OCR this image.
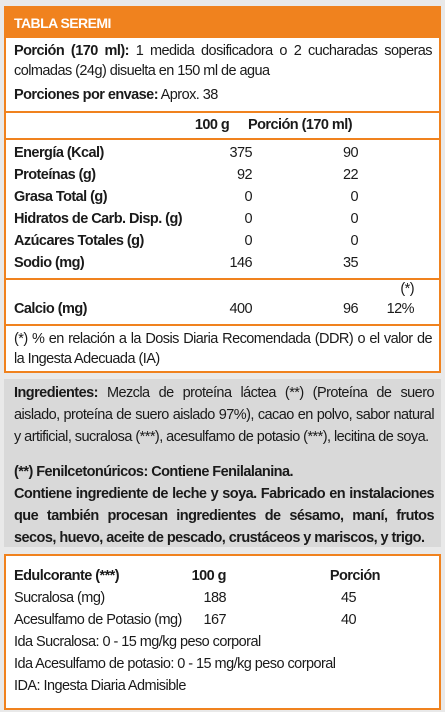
TABLA SEREMI
Porción (170 ml): 1 medida dosificadora o 2 cucharadas soperas colmadas (24g) disuelta en 150 ml de agua
Porciones por envase: Aprox. 38
100 g	Porción (170 ml)
Energía (Kcal)	375	90
Proteínas (g)	92	22
Grasa Total (g)	0	0
Hidratos de Carb. Disp. (g)	0	0
Azúcares Totales (g)	0	0
Sodio (mg)	146	35
(*)
Calcio (mg)	400	96	12%
(*) % en relación a la Dosis Diaria Recomendada (DDR) o el valor de la Ingesta Adecuada (IA)
Ingredientes: Mezcla de proteína láctea (**) (Proteína de suero aislado, proteína de suero aislado 97%), cacao en polvo, sabor natural y artificial, sucralosa (***), acesulfamo de potasio (***), lecitina de soya.
(**) Fenilcetonúricos: Contiene Fenilalanina.
Contiene ingrediente de leche y soya. Fabricado en instalaciones que también procesan ingredientes de sésamo, maní, frutos secos, huevo, aceite de pescado, crustáceos y mariscos, y trigo.
Edulcorante (***)	100 g	Porción
Sucralosa (mg)	188	45
Acesulfamo de Potasio (mg)	167	40
Ida Sucralosa: 0 - 15 mg/kg peso corporal
Ida Acesulfamo de potasio: 0 - 15 mg/kg peso corporal
IDA: Ingesta Diaria Admisible
